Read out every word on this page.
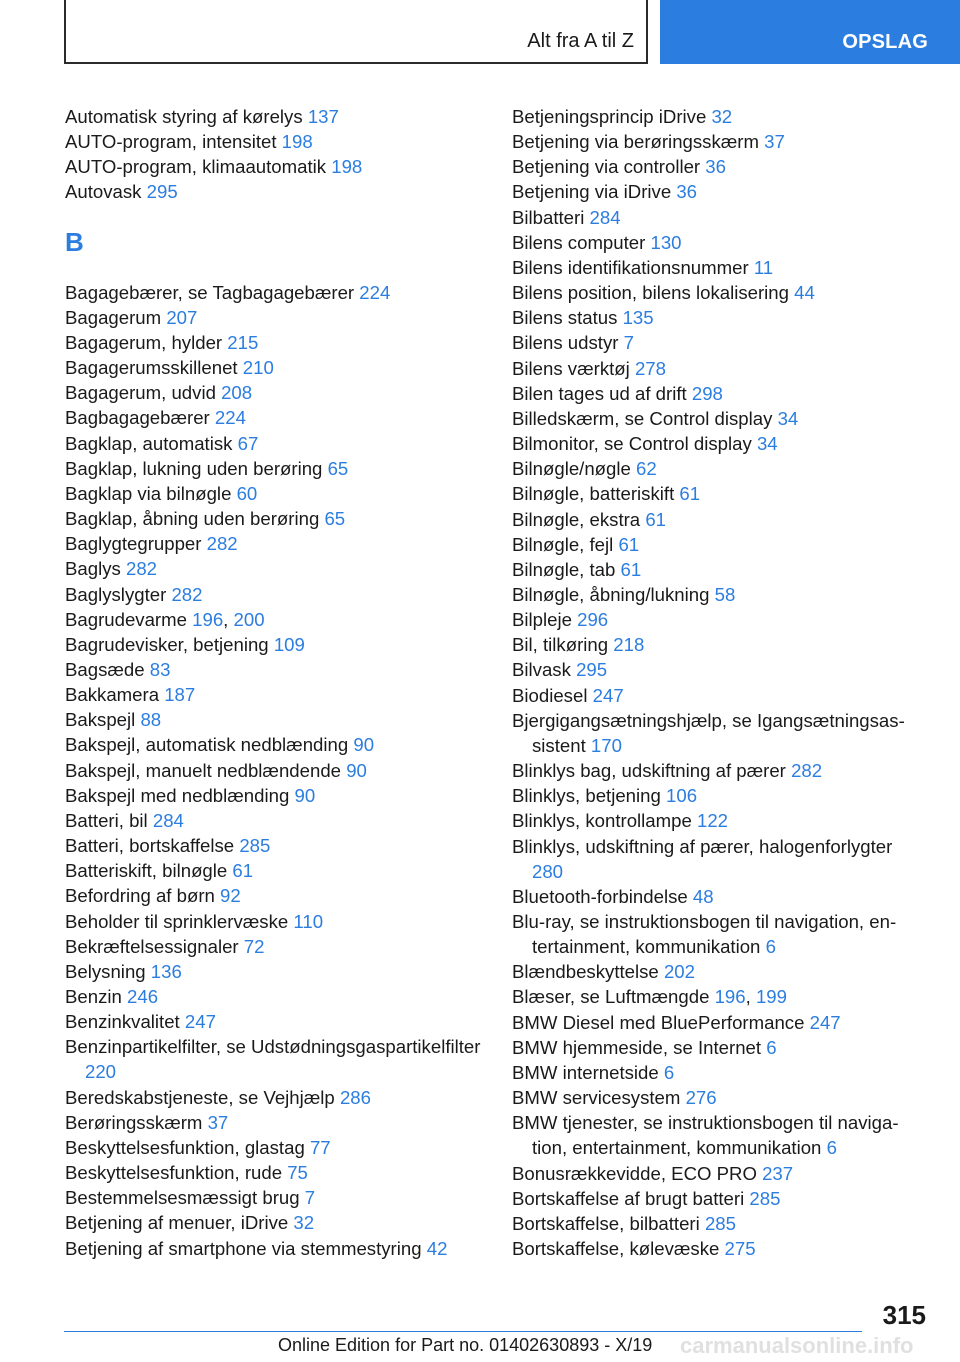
Alt fra A til Z	OPSLAG
Automatisk styring af kørelys 137
AUTO-program, intensitet 198
AUTO-program, klimaautomatik 198
Autovask 295
B
Bagagebærer, se Tagbagagebærer 224
Bagagerum 207
Bagagerum, hylder 215
Bagagerumsskillenet 210
Bagagerum, udvid 208
Bagbagagebærer 224
Bagklap, automatisk 67
Bagklap, lukning uden berøring 65
Bagklap via bilnøgle 60
Bagklap, åbning uden berøring 65
Baglygtegrupper 282
Baglys 282
Baglyslygter 282
Bagrudevarme 196, 200
Bagrudevisker, betjening 109
Bagsæde 83
Bakkamera 187
Bakspejl 88
Bakspejl, automatisk nedblænding 90
Bakspejl, manuelt nedblændende 90
Bakspejl med nedblænding 90
Batteri, bil 284
Batteri, bortskaffelse 285
Batteriskift, bilnøgle 61
Befordring af børn 92
Beholder til sprinklervæske 110
Bekræftelsessignaler 72
Belysning 136
Benzin 246
Benzinkvalitet 247
Benzinpartikelfilter, se Udstødningsgaspartikelfilter 220
Beredskabstjeneste, se Vejhjælp 286
Berøringsskærm 37
Beskyttelsesfunktion, glastag 77
Beskyttelsesfunktion, rude 75
Bestemmelsesmæssigt brug 7
Betjening af menuer, iDrive 32
Betjening af smartphone via stemmestyring 42
Betjeningsprincip iDrive 32
Betjening via berøringsskærm 37
Betjening via controller 36
Betjening via iDrive 36
Bilbatteri 284
Bilens computer 130
Bilens identifikationsnummer 11
Bilens position, bilens lokalisering 44
Bilens status 135
Bilens udstyr 7
Bilens værktøj 278
Bilen tages ud af drift 298
Billedskærm, se Control display 34
Bilmonitor, se Control display 34
Bilnøgle/nøgle 62
Bilnøgle, batteriskift 61
Bilnøgle, ekstra 61
Bilnøgle, fejl 61
Bilnøgle, tab 61
Bilnøgle, åbning/lukning 58
Bilpleje 296
Bil, tilkøring 218
Bilvask 295
Biodiesel 247
Bjergigangsætningshjælp, se Igangsætningsassistent 170
Blinklys bag, udskiftning af pærer 282
Blinklys, betjening 106
Blinklys, kontrollampe 122
Blinklys, udskiftning af pærer, halogenforlygter 280
Bluetooth-forbindelse 48
Blu-ray, se instruktionsbogen til navigation, entertainment, kommunikation 6
Blændbeskyttelse 202
Blæser, se Luftmængde 196, 199
BMW Diesel med BluePerformance 247
BMW hjemmeside, se Internet 6
BMW internetside 6
BMW servicesystem 276
BMW tjenester, se instruktionsbogen til navigation, entertainment, kommunikation 6
Bonusrækkevidde, ECO PRO 237
Bortskaffelse af brugt batteri 285
Bortskaffelse, bilbatteri 285
Bortskaffelse, kølevæske 275
315
Online Edition for Part no. 01402630893 - X/19 carmanualsonline.info
